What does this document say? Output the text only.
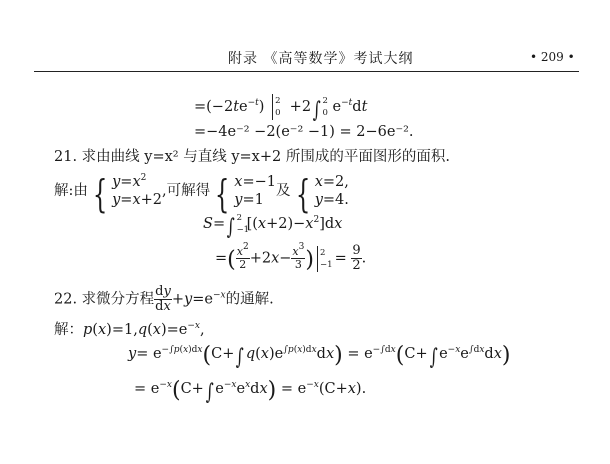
附录 《高等数学》考试大纲	• 209 •
$=(-2te^{-t})$ 2
0 +2∫ 2
0 $e^{-t}dt$
=−4e⁻² −2(e⁻² −1) = 2−6e⁻².
21. 求由曲线 y=x² 与直线 y=x+2 所围成的平面图形的面积.
解:由 { $y=x^2$
y=x+2,可解得 { x=−1
y=1及 { x=2,
y=4.
S=∫ 2
−1
$[(x+2)-x^2]dx$
=( $\frac{x^2}{2} +2x- \frac{x^3}{3}$ ) 2
−1
= $\frac{9}{2}$ .
22. 求微分方程 $\frac{dy}{dx} +y=e^{-x}$的通解.
解：$p(x)=1,q(x)=e^{-x}$,
$y= e^{-\int p(x)dx}(C+\int$ $q(x)e^{\int p(x)dx}dx) = e^{-\int dx}(C+\int$ $e^{-x}e^{\int dx}dx$)
= $e^{-x}(C+\int$ $e^{-x}e^xdx) = e^{-x}(C+x)$.
